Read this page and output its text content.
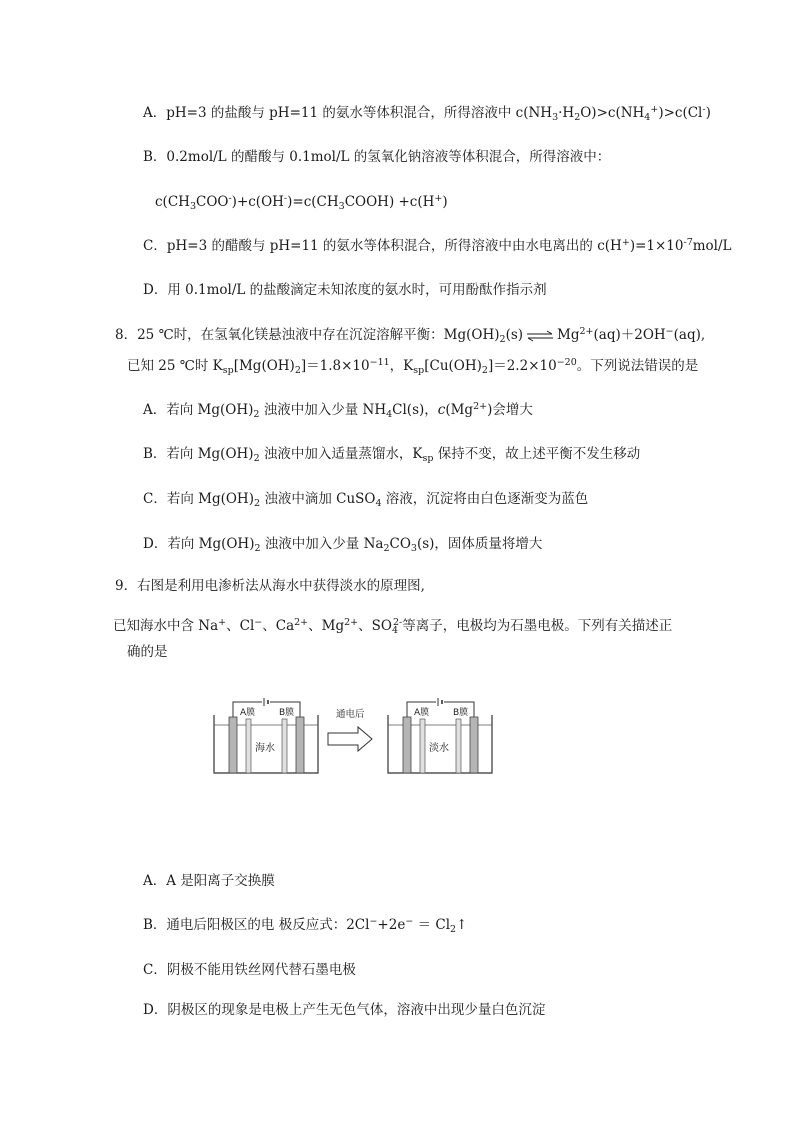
A．pH=3 的盐酸与 pH=11 的氨水等体积混合，所得溶液中 $c(NH_3\cdot H_2O)>c(NH_4^+)>c(Cl^-)$
B．0.2mol/L 的醋酸与 0.1mol/L 的氢氧化钠溶液等体积混合，所得溶液中：
$c(CH_3COO^-)+c(OH^-)=c(CH_3COOH) +c(H^+)$
C．pH=3 的醋酸与 pH=11 的氨水等体积混合，所得溶液中由水电离出的 $c(H^+)=1\times 10^{-7}mol/L$
D．用 0.1mol/L 的盐酸滴定未知浓度的氨水时，可用酚酞作指示剂
8．25 ℃时，在氢氧化镁悬浊液中存在沉淀溶解平衡：$Mg(OH)_2(s)$ ⇌ $Mg^{2+}(aq)+2OH^-(aq)$,
已知 25 ℃时 $K_{sp}[Mg(OH)_2]=1.8\times 10^{-11}$，$K_{sp}[Cu(OH)_2]=2.2\times 10^{-20}$。下列说法错误的是
A．若向 $Mg(OH)_2$ 浊液中加入少量 $NH_4Cl(s)$，$c(Mg^{2+})$会增大
B．若向 $Mg(OH)_2$ 浊液中加入适量蒸馏水，$K_{sp}$ 保持不变，故上述平衡不发生移动
C．若向 $Mg(OH)_2$ 浊液中滴加 CuSO$_4$ 溶液，沉淀将由白色逐渐变为蓝色
D．若向 $Mg(OH)_2$ 浊液中加入少量 $Na_2CO_3(s)$，固体质量将增大
9．右图是利用电渗析法从海水中获得淡水的原理图,
已知海水中含 Na+、Cl−、$Ca^{2+}$、$Mg^{2+}$、$SO_4^{2-}$等离子，电极均为石墨电极。下列有关描述正
确的是
A膜	B膜
海水
通电后	A膜	B膜
淡水
A．A 是阳离子交换膜
B．通电后阳极区的电 极反应式：$2Cl^-+2e^- = Cl_2↑$
C．阴极不能用铁丝网代替石墨电极
D．阴极区的现象是电极上产生无色气体，溶液中出现少量白色沉淀
